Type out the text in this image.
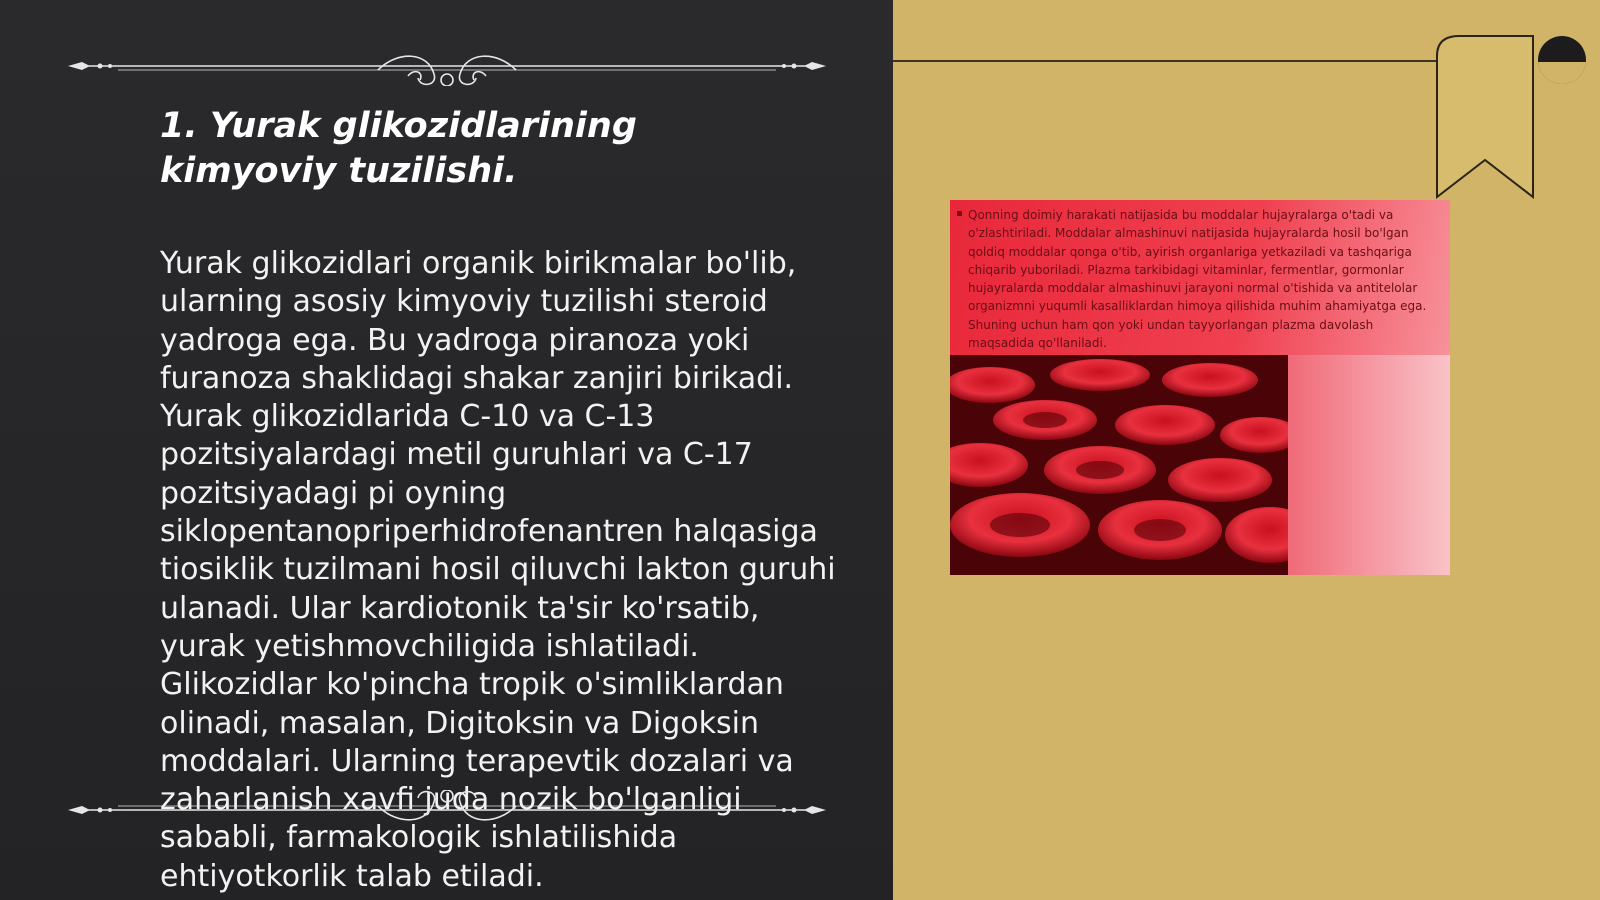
1. Yurak glikozidlarining kimyoviy tuzilishi.

Yurak glikozidlari organik birikmalar bo'lib, ularning asosiy kimyoviy tuzilishi steroid yadroga ega. Bu yadroga piranoza yoki furanoza shaklidagi shakar zanjiri birikadi. Yurak glikozidlarida C-10 va C-13 pozitsiyalardagi metil guruhlari va C-17 pozitsiyadagi pi oyning siklopentanopriperhidrofenantren halqasiga tiosiklik tuzilmani hosil qiluvchi lakton guruhi ulanadi. Ular kardiotonik ta'sir ko'rsatib, yurak yetishmovchiligida ishlatiladi. Glikozidlar ko'pincha tropik o'simliklardan olinadi, masalan, Digitoksin va Digoksin moddalari. Ularning terapevtik dozalari va zaharlanish xavfi juda nozik bo'lganligi sababli, farmakologik ishlatilishida ehtiyotkorlik talab etiladi.

▪ Qonning doimiy harakati natijasida bu moddalar hujayralarga o'tadi va o'zlashtiriladi. Moddalar almashinuvi natijasida hujayralarda hosil bo'lgan qoldiq moddalar qonga o'tib, ayirish organlariga yetkaziladi va tashqariga chiqarib yuboriladi. Plazma tarkibidagi vitaminlar, fermentlar, gormonlar hujayralarda moddalar almashinuvi jarayoni normal o'tishida va antitelolar organizmni yuqumli kasalliklardan himoya qilishida muhim ahamiyatga ega. Shuning uchun ham qon yoki undan tayyorlangan plazma davolash maqsadida qo'llaniladi.
